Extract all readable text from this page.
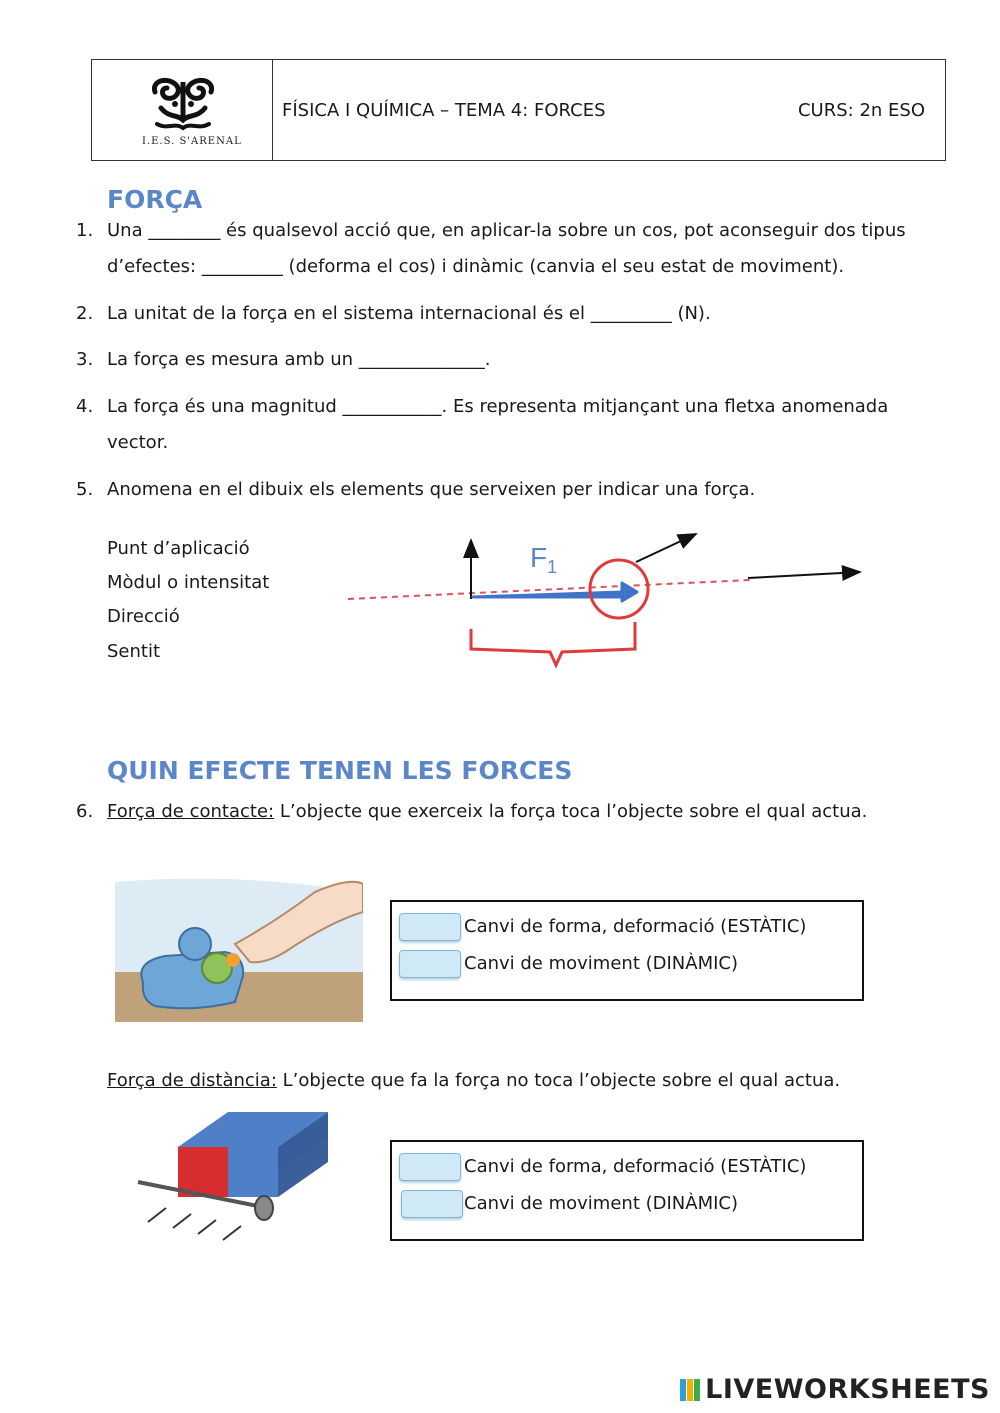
I.E.S. S'ARENAL
FÍSICA I QUÍMICA – TEMA 4: FORCES	CURS: 2n ESO
FORÇA
1. Una ________ és qualsevol acció que, en aplicar-la sobre un cos, pot aconseguir dos tipus
d’efectes: _________ (deforma el cos) i dinàmic (canvia el seu estat de moviment).
2. La unitat de la força en el sistema internacional és el _________ (N).
3. La força es mesura amb un ______________.
4. La força és una magnitud ___________. Es representa mitjançant una fletxa anomenada
vector.
5. Anomena en el dibuix els elements que serveixen per indicar una força.
Punt d’aplicació
Mòdul o intensitat
Direcció
Sentit
$F_1$
QUIN EFECTE TENEN LES FORCES
6. Força de contacte: L’objecte que exerceix la força toca l’objecte sobre el qual actua.
Canvi de forma, deformació (ESTÀTIC)
Canvi de moviment (DINÀMIC)
Força de distància: L’objecte que fa la força no toca l’objecte sobre el qual actua.
Canvi de forma, deformació (ESTÀTIC)
Canvi de moviment (DINÀMIC)
LIVEWORKSHEETS
